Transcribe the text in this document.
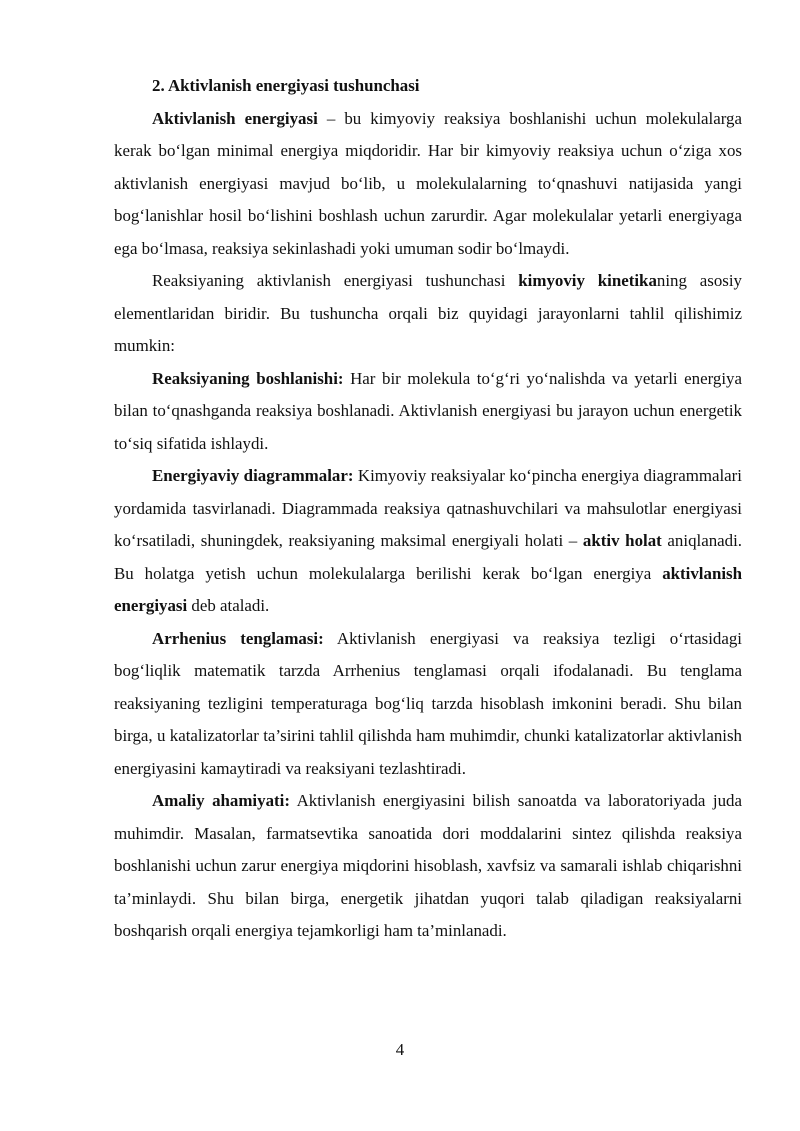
2. Aktivlanish energiyasi tushunchasi

Aktivlanish energiyasi – bu kimyoviy reaksiya boshlanishi uchun molekulalarga kerak bo‘lgan minimal energiya miqdoridir. Har bir kimyoviy reaksiya uchun o‘ziga xos aktivlanish energiyasi mavjud bo‘lib, u molekulalarning to‘qnashuvi natijasida yangi bog‘lanishlar hosil bo‘lishini boshlash uchun zarurdir. Agar molekulalar yetarli energiyaga ega bo‘lmasa, reaksiya sekinlashadi yoki umuman sodir bo‘lmaydi.

Reaksiyaning aktivlanish energiyasi tushunchasi kimyoviy kinetikaning asosiy elementlaridan biridir. Bu tushuncha orqali biz quyidagi jarayonlarni tahlil qilishimiz mumkin:

Reaksiyaning boshlanishi: Har bir molekula to‘g‘ri yo‘nalishda va yetarli energiya bilan to‘qnashganda reaksiya boshlanadi. Aktivlanish energiyasi bu jarayon uchun energetik to‘siq sifatida ishlaydi.

Energiyaviy diagrammalar: Kimyoviy reaksiyalar ko‘pincha energiya diagrammalari yordamida tasvirlanadi. Diagrammada reaksiya qatnashuvchilari va mahsulotlar energiyasi ko‘rsatiladi, shuningdek, reaksiyaning maksimal energiyali holati – aktiv holat aniqlanadi. Bu holatga yetish uchun molekulalarga berilishi kerak bo‘lgan energiya aktivlanish energiyasi deb ataladi.

Arrhenius tenglamasi: Aktivlanish energiyasi va reaksiya tezligi o‘rtasidagi bog‘liqlik matematik tarzda Arrhenius tenglamasi orqali ifodalanadi. Bu tenglama reaksiyaning tezligini temperaturaga bog‘liq tarzda hisoblash imkonini beradi. Shu bilan birga, u katalizatorlar ta’sirini tahlil qilishda ham muhimdir, chunki katalizatorlar aktivlanish energiyasini kamaytiradi va reaksiyani tezlashtiradi.

Amaliy ahamiyati: Aktivlanish energiyasini bilish sanoatda va laboratoriyada juda muhimdir. Masalan, farmatsevtika sanoatida dori moddalarini sintez qilishda reaksiya boshlanishi uchun zarur energiya miqdorini hisoblash, xavfsiz va samarali ishlab chiqarishni ta’minlaydi. Shu bilan birga, energetik jihatdan yuqori talab qiladigan reaksiyalarni boshqarish orqali energiya tejamkorligi ham ta’minlanadi.

4
